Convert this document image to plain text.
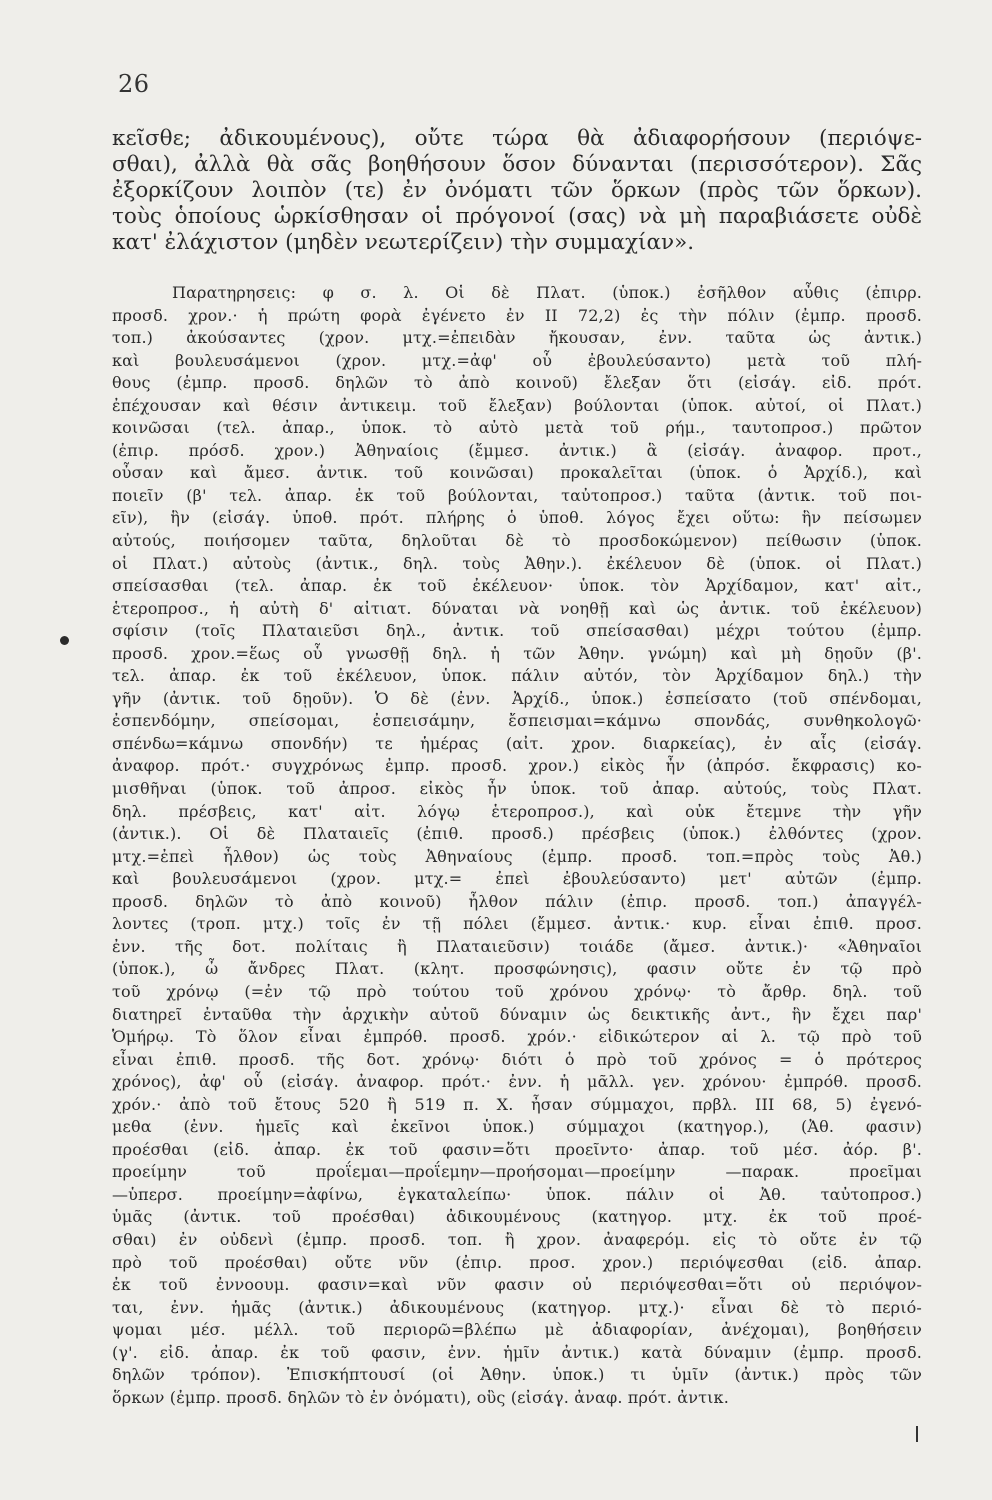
26

κεῖσθε; ἀδικουμένους), οὔτε τώρα θὰ ἀδιαφορήσουν (περιόψε-

σθαι), ἀλλὰ θὰ σᾶς βοηθήσουν ὅσον δύνανται (περισσότερον). Σᾶς

ἐξορκίζουν λοιπὸν (τε) ἐν ὀνόματι τῶν ὅρκων (πρὸς τῶν ὅρκων).

τοὺς ὁποίους ὡρκίσθησαν οἱ πρόγονοί (σας) νὰ μὴ παραβιάσετε οὐδὲ

κατ' ἐλάχιστον (μηδὲν νεωτερίζειν) τὴν συμμαχίαν».

Παρατηρησεις: φ σ. λ. Οἱ δὲ Πλατ. (ὑποκ.) ἐσῆλθον αὖθις (ἐπιρρ.

προσδ. χρον.· ἡ πρώτη φορὰ ἐγένετο ἐν ΙΙ 72,2) ἐς τὴν πόλιν (ἐμπρ. προσδ.

τοπ.) ἀκούσαντες (χρον. μτχ.=ἐπειδὰν ἤκουσαν, ἐνν. ταῦτα ὡς ἀντικ.)

καὶ βουλευσάμενοι (χρον. μτχ.=ἀφ' οὗ ἐβουλεύσαντο) μετὰ τοῦ πλή-

θους (ἐμπρ. προσδ. δηλῶν τὸ ἀπὸ κοινοῦ) ἔλεξαν ὅτι (εἰσάγ. εἰδ. πρότ.

ἐπέχουσαν καὶ θέσιν ἀντικειμ. τοῦ ἔλεξαν) βούλονται (ὑποκ. αὐτοί, οἱ Πλατ.)

κοινῶσαι (τελ. ἀπαρ., ὑποκ. τὸ αὐτὸ μετὰ τοῦ ρήμ., ταυτοπροσ.) πρῶτον

(ἐπιρ. πρόσδ. χρον.) Ἀθηναίοις (ἔμμεσ. ἀντικ.) ἃ (εἰσάγ. ἀναφορ. προτ.,

οὖσαν καὶ ἄμεσ. ἀντικ. τοῦ κοινῶσαι) προκαλεῖται (ὑποκ. ὁ Ἀρχίδ.), καὶ

ποιεῖν (β' τελ. ἀπαρ. ἐκ τοῦ βούλονται, ταὐτοπροσ.) ταῦτα (ἀντικ. τοῦ ποι-

εῖν), ἣν (εἰσάγ. ὑποθ. πρότ. πλήρης ὁ ὑποθ. λόγος ἔχει οὕτω: ἣν πείσωμεν

αὐτούς, ποιήσομεν ταῦτα, δηλοῦται δὲ τὸ προσδοκώμενον) πείθωσιν (ὑποκ.

οἱ Πλατ.) αὐτοὺς (ἀντικ., δηλ. τοὺς Ἀθην.). ἐκέλευον δὲ (ὑποκ. οἱ Πλατ.)

σπείσασθαι (τελ. ἀπαρ. ἐκ τοῦ ἐκέλευον· ὑποκ. τὸν Ἀρχίδαμον, κατ' αἰτ.,

ἑτεροπροσ., ἡ αὐτὴ δ' αἰτιατ. δύναται νὰ νοηθῇ καὶ ὡς ἀντικ. τοῦ ἐκέλευον)

σφίσιν (τοῖς Πλαταιεῦσι δηλ., ἀντικ. τοῦ σπείσασθαι) μέχρι τούτου (ἐμπρ.

προσδ. χρον.=ἕως οὗ γνωσθῇ δηλ. ἡ τῶν Ἀθην. γνώμη) καὶ μὴ δῃοῦν (β'.

τελ. ἀπαρ. ἐκ τοῦ ἐκέλευον, ὑποκ. πάλιν αὐτόν, τὸν Ἀρχίδαμον δηλ.) τὴν

γῆν (ἀντικ. τοῦ δῃοῦν). Ὁ δὲ (ἐνν. Ἀρχίδ., ὑποκ.) ἐσπείσατο (τοῦ σπένδομαι,

ἐσπενδόμην, σπείσομαι, ἐσπεισάμην, ἔσπεισμαι=κάμνω σπονδάς, συνθηκολογῶ·

σπένδω=κάμνω σπονδήν) τε ἡμέρας (αἰτ. χρον. διαρκείας), ἐν αἷς (εἰσάγ.

ἀναφορ. πρότ.· συγχρόνως ἐμπρ. προσδ. χρον.) εἰκὸς ἦν (ἀπρόσ. ἔκφρασις) κο-

μισθῆναι (ὑποκ. τοῦ ἀπροσ. εἰκὸς ἦν ὑποκ. τοῦ ἀπαρ. αὐτούς, τοὺς Πλατ.

δηλ. πρέσβεις, κατ' αἰτ. λόγῳ ἑτεροπροσ.), καὶ οὐκ ἔτεμνε τὴν γῆν

(ἀντικ.). Οἱ δὲ Πλαταιεῖς (ἐπιθ. προσδ.) πρέσβεις (ὑποκ.) ἐλθόντες (χρον.

μτχ.=ἐπεὶ ἦλθον) ὡς τοὺς Ἀθηναίους (ἐμπρ. προσδ. τοπ.=πρὸς τοὺς Ἀθ.)

καὶ βουλευσάμενοι (χρον. μτχ.= ἐπεὶ ἐβουλεύσαντο) μετ' αὐτῶν (ἐμπρ.

προσδ. δηλῶν τὸ ἀπὸ κοινοῦ) ἦλθον πάλιν (ἐπιρ. προσδ. τοπ.) ἀπαγγέλ-

λοντες (τροπ. μτχ.) τοῖς ἐν τῇ πόλει (ἔμμεσ. ἀντικ.· κυρ. εἶναι ἐπιθ. προσ.

ἐνν. τῆς δοτ. πολίταις ἢ Πλαταιεῦσιν) τοιάδε (ἄμεσ. ἀντικ.)· «Ἀθηναῖοι

(ὑποκ.), ὦ ἄνδρες Πλατ. (κλητ. προσφώνησις), φασιν οὔτε ἐν τῷ πρὸ

τοῦ χρόνῳ (=ἐν τῷ πρὸ τούτου τοῦ χρόνου χρόνῳ· τὸ ἄρθρ. δηλ. τοῦ

διατηρεῖ ἐνταῦθα τὴν ἀρχικὴν αὐτοῦ δύναμιν ὡς δεικτικῆς ἀντ., ἣν ἔχει παρ'

Ὁμήρῳ. Τὸ ὅλον εἶναι ἐμπρόθ. προσδ. χρόν.· εἰδικώτερον αἱ λ. τῷ πρὸ τοῦ

εἶναι ἐπιθ. προσδ. τῆς δοτ. χρόνῳ· διότι ὁ πρὸ τοῦ χρόνος = ὁ πρότερος

χρόνος), ἀφ' οὗ (εἰσάγ. ἀναφορ. πρότ.· ἐνν. ἡ μᾶλλ. γεν. χρόνου· ἐμπρόθ. προσδ.

χρόν.· ἀπὸ τοῦ ἔτους 520 ἢ 519 π. Χ. ἦσαν σύμμαχοι, πρβλ. ΙΙΙ 68, 5) ἐγενό-

μεθα (ἐνν. ἡμεῖς καὶ ἐκεῖνοι ὑποκ.) σύμμαχοι (κατηγορ.), (Ἀθ. φασιν)

προέσθαι (εἰδ. ἀπαρ. ἐκ τοῦ φασιν=ὅτι προεῖντο· ἀπαρ. τοῦ μέσ. ἀόρ. β'.

προείμην τοῦ προΐεμαι—προΐεμην—προήσομαι—προείμην —παρακ. προεῖμαι

—ὑπερσ. προείμην=ἀφίνω, ἐγκαταλείπω· ὑποκ. πάλιν οἱ Ἀθ. ταὐτοπροσ.)

ὑμᾶς (ἀντικ. τοῦ προέσθαι) ἀδικουμένους (κατηγορ. μτχ. ἐκ τοῦ προέ-

σθαι) ἐν οὐδενὶ (ἐμπρ. προσδ. τοπ. ἢ χρον. ἀναφερόμ. εἰς τὸ οὔτε ἐν τῷ

πρὸ τοῦ προέσθαι) οὔτε νῦν (ἐπιρ. προσ. χρον.) περιόψεσθαι (εἰδ. ἀπαρ.

ἐκ τοῦ ἐννοουμ. φασιν=καὶ νῦν φασιν οὐ περιόψεσθαι=ὅτι οὐ περιόψον-

ται, ἐνν. ἡμᾶς (ἀντικ.) ἀδικουμένους (κατηγορ. μτχ.)· εἶναι δὲ τὸ περιό-

ψομαι μέσ. μέλλ. τοῦ περιορῶ=βλέπω μὲ ἀδιαφορίαν, ἀνέχομαι), βοηθήσειν

(γ'. εἰδ. ἀπαρ. ἐκ τοῦ φασιν, ἐνν. ἡμῖν ἀντικ.) κατὰ δύναμιν (ἐμπρ. προσδ.

δηλῶν τρόπον). Ἐπισκήπτουσί (οἱ Ἀθην. ὑποκ.) τι ὑμῖν (ἀντικ.) πρὸς τῶν

ὅρκων (ἐμπρ. προσδ. δηλῶν τὸ ἐν ὀνόματι), οὓς (εἰσάγ. ἀναφ. πρότ. ἀντικ.
